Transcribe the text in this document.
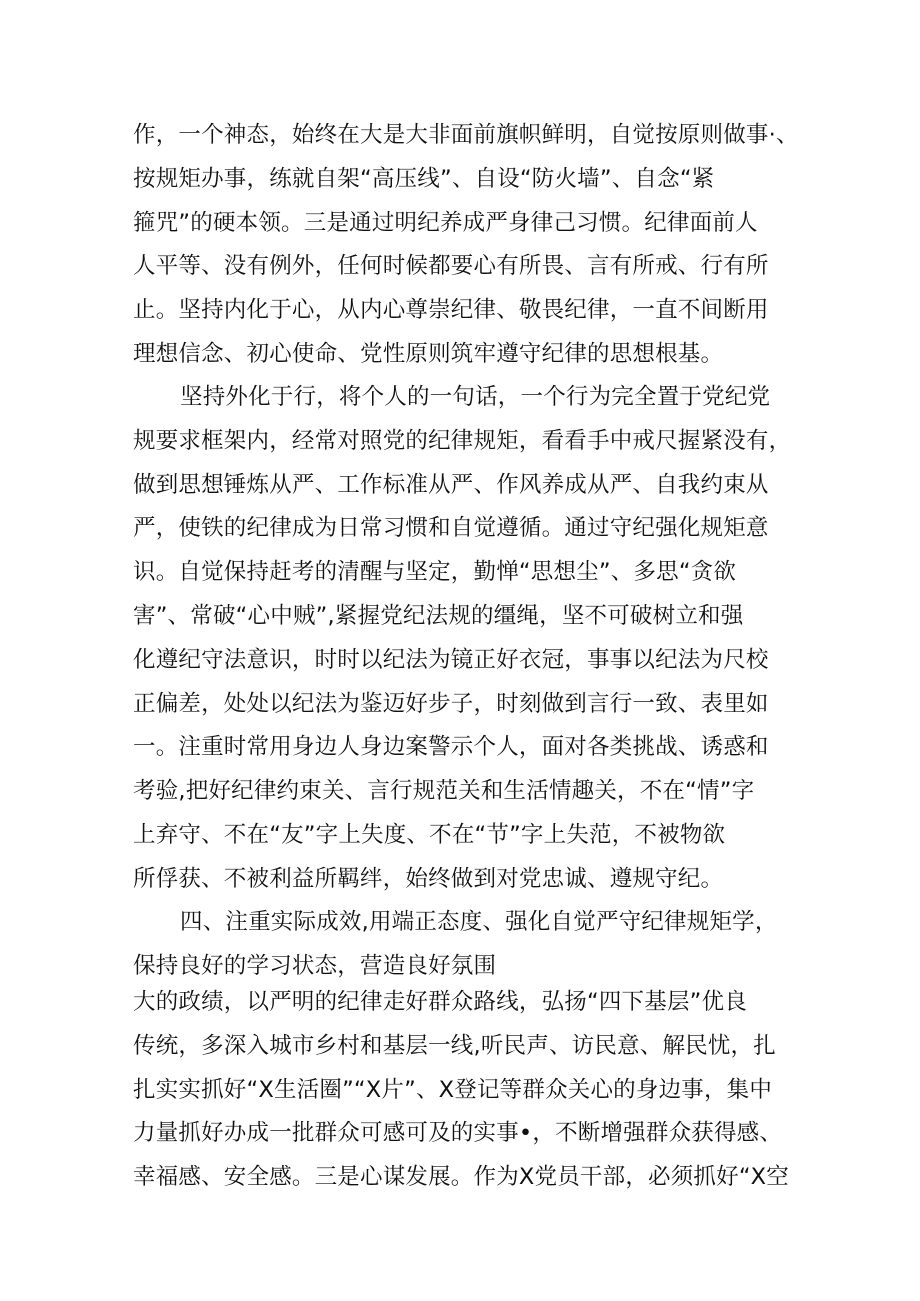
作，一个神态，始终在大是大非面前旗帜鲜明，自觉按原则做事·、
按规矩办事，练就自架“高压线”、自设“防火墙”、自念“紧
箍咒”的硬本领。三是通过明纪养成严身律己习惯。纪律面前人
人平等、没有例外，任何时候都要心有所畏、言有所戒、行有所
止。坚持内化于心，从内心尊崇纪律、敬畏纪律，一直不间断用
理想信念、初心使命、党性原则筑牢遵守纪律的思想根基。
坚持外化于行，将个人的一句话，一个行为完全置于党纪党
规要求框架内，经常对照党的纪律规矩，看看手中戒尺握紧没有，
做到思想锤炼从严、工作标准从严、作风养成从严、自我约束从
严，使铁的纪律成为日常习惯和自觉遵循。通过守纪强化规矩意
识。自觉保持赶考的清醒与坚定，勤惮“思想尘”、多思“贪欲
害”、常破“心中贼”,紧握党纪法规的缰绳，坚不可破树立和强
化遵纪守法意识，时时以纪法为镜正好衣冠，事事以纪法为尺校
正偏差，处处以纪法为鉴迈好步子，时刻做到言行一致、表里如
一。注重时常用身边人身边案警示个人，面对各类挑战、诱惑和
考验,把好纪律约束关、言行规范关和生活情趣关，不在“情”字
上弃守、不在“友”字上失度、不在“节”字上失范，不被物欲
所俘获、不被利益所羁绊，始终做到对党忠诚、遵规守纪。
四、注重实际成效,用端正态度、强化自觉严守纪律规矩学，
保持良好的学习状态，营造良好氛围
大的政绩，以严明的纪律走好群众路线，弘扬“四下基层”优良
传统，多深入城市乡村和基层一线,听民声、访民意、解民忧，扎
扎实实抓好“X生活圈”“X片”、X登记等群众关心的身边事，集中
力量抓好办成一批群众可感可及的实事•，不断增强群众获得感、
幸福感、安全感。三是心谋发展。作为X党员干部，必须抓好“X空
